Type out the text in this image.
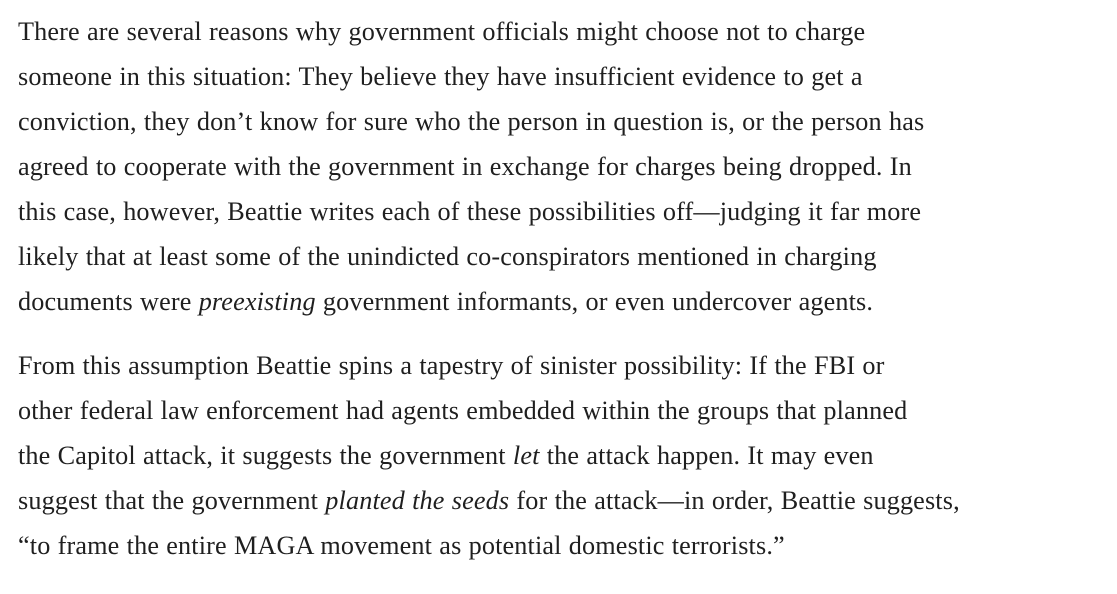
There are several reasons why government officials might choose not to charge
someone in this situation: They believe they have insufficient evidence to get a
conviction, they don’t know for sure who the person in question is, or the person has
agreed to cooperate with the government in exchange for charges being dropped. In
this case, however, Beattie writes each of these possibilities off—judging it far more
likely that at least some of the unindicted co-conspirators mentioned in charging
documents were preexisting government informants, or even undercover agents.

From this assumption Beattie spins a tapestry of sinister possibility: If the FBI or
other federal law enforcement had agents embedded within the groups that planned
the Capitol attack, it suggests the government let the attack happen. It may even
suggest that the government planted the seeds for the attack—in order, Beattie suggests,
“to frame the entire MAGA movement as potential domestic terrorists.”
